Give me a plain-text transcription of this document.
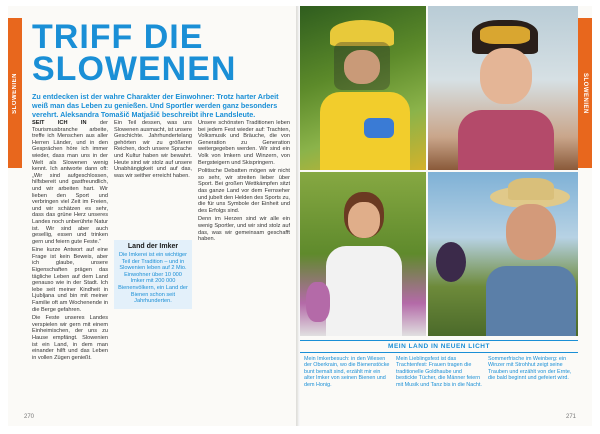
SLOWENIEN
TRIFF DIE
SLOWENEN
Zu entdecken ist der wahre Charakter der Einwohner: Trotz harter Arbeit weiß man das Leben zu genießen. Und Sportler werden ganz besonders verehrt. Aleksandra Tomašič Matjašič beschreibt ihre Landsleute.

SEIT ICH IN der Tourismusbranche arbeite, treffe ich Menschen aus aller Herren Länder, und in den Gesprächen höre ich immer wieder, dass man uns in der Welt als Slowenen wenig kennt. Ich antworte dann oft: „Wir sind aufgeschlossen, hilfsbereit und gastfreundlich, und wir arbeiten hart. Wir lieben den Sport und verbringen viel Zeit im Freien, und wir schätzen es sehr, dass das grüne Herz unseres Landes noch unberührte Natur ist. Wir sind aber auch gesellig, essen und trinken gern und feiern gute Feste.“

Eine kurze Antwort auf eine Frage ist kein Beweis, aber ich glaube, unsere Eigenschaften prägen das tägliche Leben auf dem Land genauso wie in der Stadt. Ich lebe seit meiner Kindheit in Ljubljana und bin mit meiner Familie oft am Wochenende in die Berge gefahren.

Die Feste unseres Landes verspielen wir gern mit einem Einheimischen, der uns zu Hause empfängt. Slowenien ist ein Land, in dem man einander hilft und das Leben in vollen Zügen genießt.

Ein Teil dessen, was uns Slowenen ausmacht, ist unsere Geschichte. Jahrhundertelang gehörten wir zu größeren Reichen, doch unsere Sprache und Kultur haben wir bewahrt. Heute sind wir stolz auf unsere Unabhängigkeit und auf das, was wir seither erreicht haben.

Land der Imker
Die Imkerei ist ein wichtiger Teil der Tradition – und in Slowenien leben auf 2 Mio. Einwohner über 10 000 Imker mit 200 000 Bienenvölkern, ein Land der Bienen schon seit Jahrhunderten.

Unsere schönsten Traditionen leben bei jedem Fest wieder auf: Trachten, Volksmusik und Bräuche, die von Generation zu Generation weitergegeben werden. Wir sind ein Volk von Imkern und Winzern, von Bergsteigern und Skispringern.

Politische Debatten mögen wir nicht so sehr, wir streiten lieber über Sport. Bei großen Wettkämpfen sitzt das ganze Land vor dem Fernseher und jubelt den Helden des Sports zu, die für uns Symbole der Einheit und des Erfolgs sind.

Denn im Herzen sind wir alle ein wenig Sportler, und wir sind stolz auf das, was wir gemeinsam geschafft haben.

270
SLOWENIEN
MEIN LAND IN NEUEN LICHT
Mein Imkerbesuch: in den Wiesen der Oberkrain, wo die Bienenstöcke bunt bemalt sind, erzählt mir ein alter Imker von seinen Bienen und dem Honig.
Mein Lieblingsfest ist das Trachtenfest: Frauen tragen die traditionelle Goldhaube und bestickte Tücher, die Männer feiern mit Musik und Tanz bis in die Nacht.
Sommerfrische im Weinberg: ein Winzer mit Strohhut zeigt seine Trauben und erzählt von der Ernte, die bald beginnt und gefeiert wird.
271
